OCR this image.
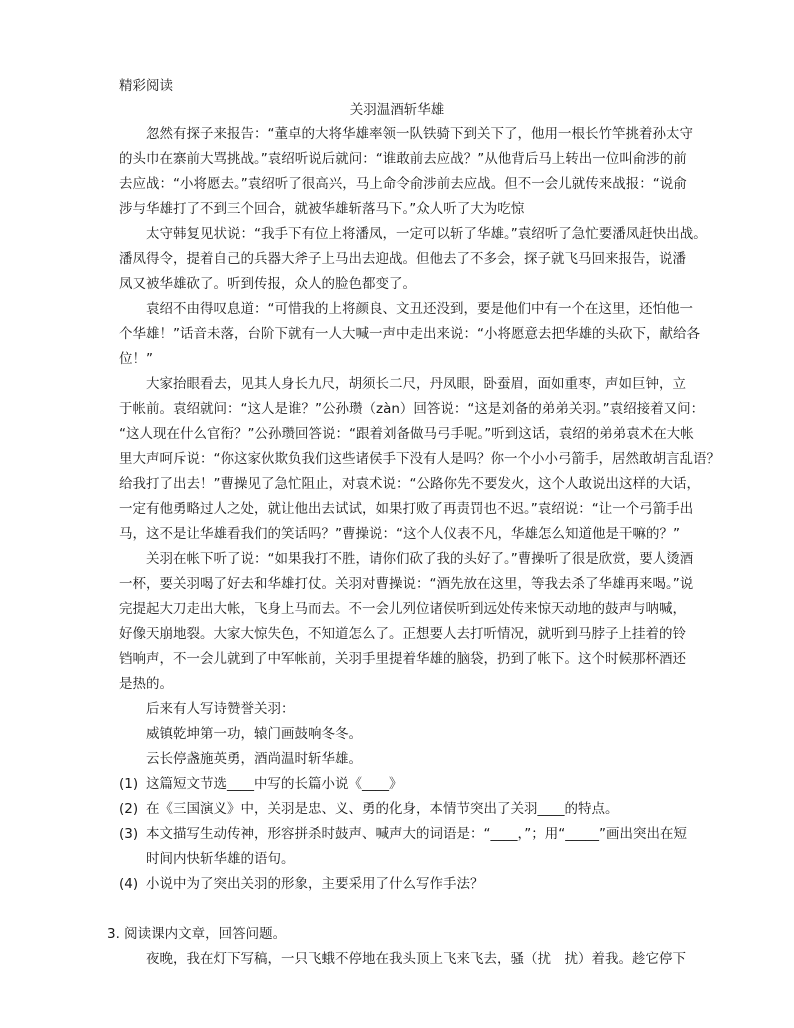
精彩阅读
关羽温酒斩华雄
忽然有探子来报告：“董卓的大将华雄率领一队铁骑下到关下了，他用一根长竹竿挑着孙太守
的头巾在寨前大骂挑战。”袁绍听说后就问：“谁敢前去应战？”从他背后马上转出一位叫俞涉的前
去应战：“小将愿去。”袁绍听了很高兴，马上命令俞涉前去应战。但不一会儿就传来战报：“说俞
涉与华雄打了不到三个回合，就被华雄斩落马下。”众人听了大为吃惊
太守韩复见状说：“我手下有位上将潘凤，一定可以斩了华雄。”袁绍听了急忙要潘凤赶快出战。
潘凤得令，提着自己的兵器大斧子上马出去迎战。但他去了不多会，探子就飞马回来报告，说潘
凤又被华雄砍了。听到传报，众人的脸色都变了。
袁绍不由得叹息道：“可惜我的上将颜良、文丑还没到，要是他们中有一个在这里，还怕他一
个华雄！”话音未落，台阶下就有一人大喊一声中走出来说：“小将愿意去把华雄的头砍下，献给各
位！”
大家抬眼看去，见其人身长九尺，胡须长二尺，丹凤眼，卧蚕眉，面如重枣，声如巨钟，立
于帐前。袁绍就问：“这人是谁？”公孙瓒（zàn）回答说：“这是刘备的弟弟关羽。”袁绍接着又问：
“这人现在什么官衔？”公孙瓒回答说：“跟着刘备做马弓手呢。”听到这话，袁绍的弟弟袁术在大帐
里大声呵斥说：“你这家伙欺负我们这些诸侯手下没有人是吗？你一个小小弓箭手，居然敢胡言乱语？
给我打了出去！”曹操见了急忙阻止，对袁术说：“公路你先不要发火，这个人敢说出这样的大话，
一定有他勇略过人之处，就让他出去试试，如果打败了再责罚也不迟。”袁绍说：“让一个弓箭手出
马，这不是让华雄看我们的笑话吗？”曹操说：“这个人仪表不凡，华雄怎么知道他是干嘛的？”
关羽在帐下听了说：“如果我打不胜，请你们砍了我的头好了。”曹操听了很是欣赏，要人烫酒
一杯，要关羽喝了好去和华雄打仗。关羽对曹操说：“酒先放在这里，等我去杀了华雄再来喝。”说
完提起大刀走出大帐，飞身上马而去。不一会儿列位诸侯听到远处传来惊天动地的鼓声与呐喊，
好像天崩地裂。大家大惊失色，不知道怎么了。正想要人去打听情况，就听到马脖子上挂着的铃
铛响声，不一会儿就到了中军帐前，关羽手里提着华雄的脑袋，扔到了帐下。这个时候那杯酒还
是热的。
后来有人写诗赞誉关羽：
威镇乾坤第一功，辕门画鼓响冬冬。
云长停盏施英勇，酒尚温时斩华雄。
(1) 这篇短文节选____中写的长篇小说《____》
(2) 在《三国演义》中，关羽是忠、义、勇的化身，本情节突出了关羽____的特点。
(3) 本文描写生动传神，形容拼杀时鼓声、喊声大的词语是：“____，”；用“_____”画出突出在短
时间内快斩华雄的语句。
(4) 小说中为了突出关羽的形象，主要采用了什么写作手法？
3. 阅读课内文章，回答问题。
夜晚，我在灯下写稿，一只飞蛾不停地在我头顶上飞来飞去，骚（扰　扰）着我。趁它停下
